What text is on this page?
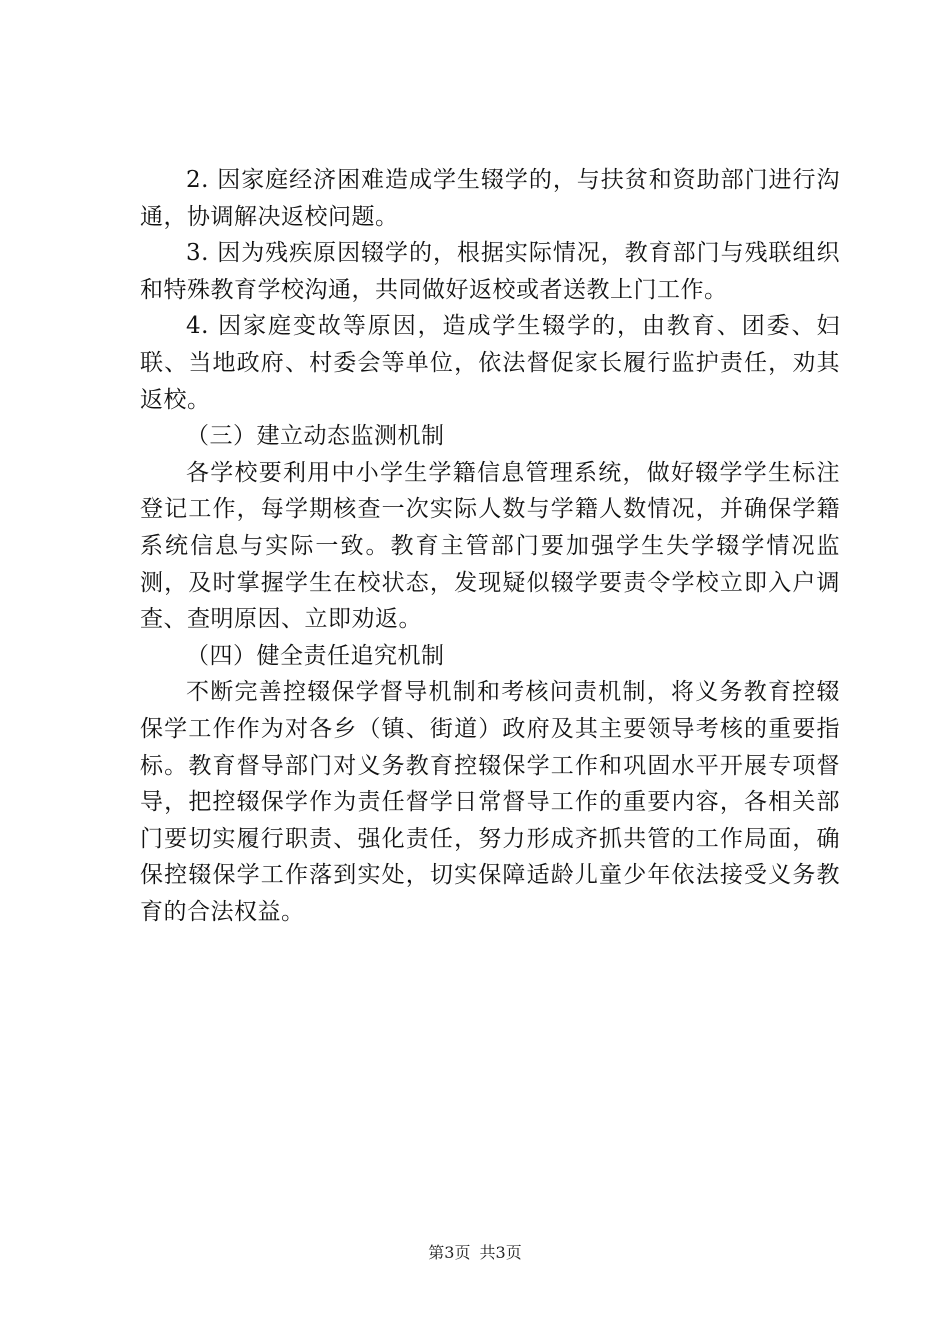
2. 因家庭经济困难造成学生辍学的，与扶贫和资助部门进行沟通，协调解决返校问题。

3. 因为残疾原因辍学的，根据实际情况，教育部门与残联组织和特殊教育学校沟通，共同做好返校或者送教上门工作。

4. 因家庭变故等原因，造成学生辍学的，由教育、团委、妇联、当地政府、村委会等单位，依法督促家长履行监护责任，劝其返校。

（三）建立动态监测机制

各学校要利用中小学生学籍信息管理系统，做好辍学学生标注登记工作，每学期核查一次实际人数与学籍人数情况，并确保学籍系统信息与实际一致。教育主管部门要加强学生失学辍学情况监测，及时掌握学生在校状态，发现疑似辍学要责令学校立即入户调查、查明原因、立即劝返。

（四）健全责任追究机制

不断完善控辍保学督导机制和考核问责机制，将义务教育控辍保学工作作为对各乡（镇、街道）政府及其主要领导考核的重要指标。教育督导部门对义务教育控辍保学工作和巩固水平开展专项督导，把控辍保学作为责任督学日常督导工作的重要内容，各相关部门要切实履行职责、强化责任，努力形成齐抓共管的工作局面，确保控辍保学工作落到实处，切实保障适龄儿童少年依法接受义务教育的合法权益。

第3页 共3页
